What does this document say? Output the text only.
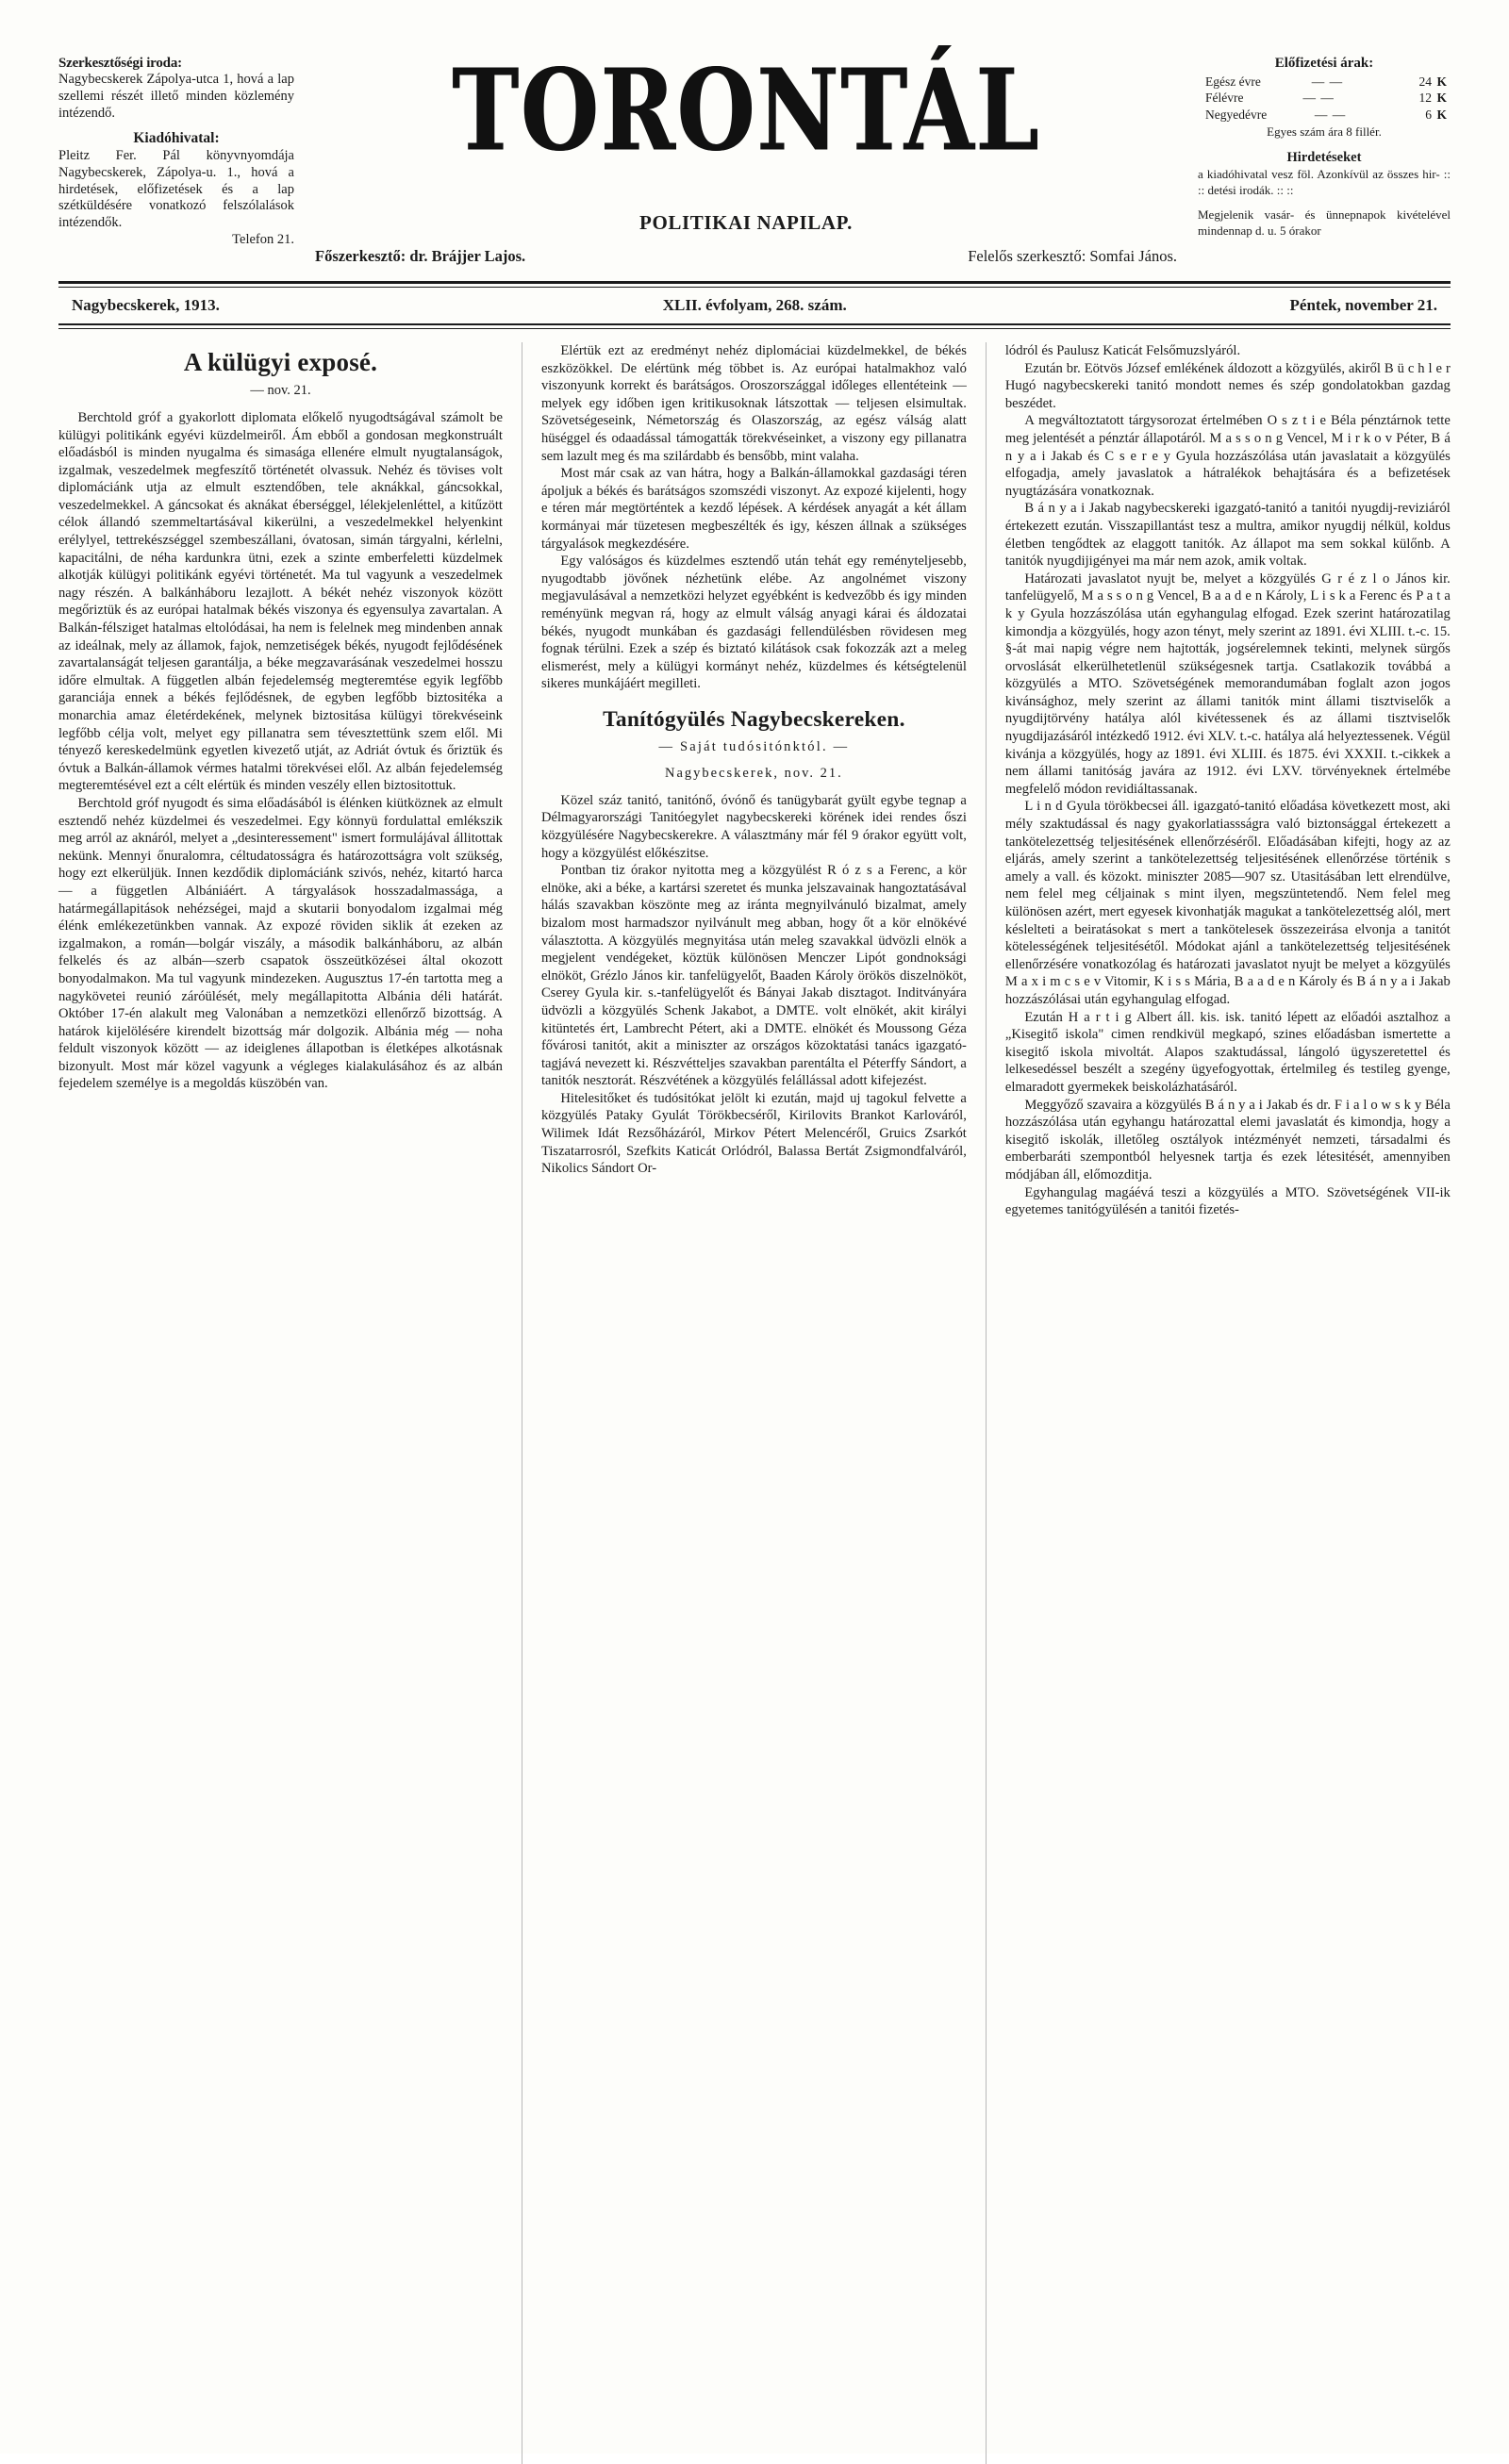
Szerkesztőségi iroda:

Nagybecskerek Zápolya-utca 1, hová a lap szellemi részét illető minden közlemény intézendő.

Kiadóhivatal:

Pleitz Fer. Pál könyvnyomdája Nagybecskerek, Zápolya-u. 1., hová a hirdetések, előfizetések és a lap szétküldésére vonatkozó felszólalások intézendők.

Telefon 21.
TORONTÁL
POLITIKAI NAPILAP.
Főszerkesztő: dr. Brájjer Lajos.	Felelős szerkesztő: Somfai János.
Előfizetési árak:
Egész évre	— —	24 K
Félévre	— —	12 K
Negyedévre	— —	6 K
Egyes szám ára 8 fillér.
Hirdetéseket
a kiadóhivatal vesz föl. Azonkívül az összes hir- :: :: detési irodák. :: ::
Megjelenik vasár- és ünnepnapok kivételével mindennap d. u. 5 órakor
Nagybecskerek, 1913.	XLII. évfolyam, 268. szám.	Péntek, november 21.
A külügyi exposé.
— nov. 21.

Berchtold gróf a gyakorlott diplomata előkelő nyugodtságával számolt be külügyi politikánk egyévi küzdelmeiről. Ám ebből a gondosan megkonstruált előadásból is minden nyugalma és simasága ellenére elmult nyugtalanságok, izgalmak, veszedelmek megfeszítő történetét olvassuk. Nehéz és tövises volt diplomáciánk utja az elmult esztendőben, tele aknákkal, gáncsokkal, veszedelmekkel. A gáncsokat és aknákat éberséggel, lélekjelenléttel, a kitűzött célok állandó szemmeltartásával kikerülni, a veszedelmekkel helyenkint erélylyel, tettrekészséggel szembeszállani, óvatosan, simán tárgyalni, kérlelni, kapacitálni, de néha kardunkra ütni, ezek a szinte emberfeletti küzdelmek alkotják külügyi politikánk egyévi történetét. Ma tul vagyunk a veszedelmek nagy részén. A balkánháboru lezajlott. A békét nehéz viszonyok között megőriztük és az európai hatalmak békés viszonya és egyensulya zavartalan. A Balkán-félsziget hatalmas eltolódásai, ha nem is felelnek meg mindenben annak az ideálnak, mely az államok, fajok, nemzetiségek békés, nyugodt fejlődésének zavartalanságát teljesen garantálja, a béke megzavarásának veszedelmei hosszu időre elmultak. A független albán fejedelemség megteremtése egyik legfőbb garanciája ennek a békés fejlődésnek, de egyben legfőbb biztositéka a monarchia amaz életérdekének, melynek biztositása külügyi törekvéseink legfőbb célja volt, melyet egy pillanatra sem tévesztettünk szem elől. Mi tényező kereskedelmünk egyetlen kivezető utját, az Adriát óvtuk és őriztük és óvtuk a Balkán-államok vérmes hatalmi törekvései elől. Az albán fejedelemség megteremtésével ezt a célt elértük és minden veszély ellen biztositottuk.

Berchtold gróf nyugodt és sima előadásából is élénken kiütköznek az elmult esztendő nehéz küzdelmei és veszedelmei. Egy könnyü fordulattal emlékszik meg arról az aknáról, melyet a „desinteressement" ismert formulájával állitottak nekünk. Mennyi őnuralomra, céltudatosságra és határozottságra volt szükség, hogy ezt elkerüljük. Innen kezdődik diplomáciánk szivós, nehéz, kitartó harca — a független Albániáért. A tárgyalások hosszadalmassága, a határmegállapitások nehézségei, majd a skutarii bonyodalom izgalmai még élénk emlékezetünkben vannak. Az expozé röviden siklik át ezeken az izgalmakon, a román—bolgár viszály, a második balkánháboru, az albán felkelés és az albán—szerb csapatok összeütközései által okozott bonyodalmakon. Ma tul vagyunk mindezeken. Augusztus 17-én tartotta meg a nagykövetei reunió záróülését, mely megállapitotta Albánia déli határát. Október 17-én alakult meg Valonában a nemzetközi ellenőrző bizottság. A határok kijelölésére kirendelt bizottság már dolgozik. Albánia még — noha feldult viszonyok között — az ideiglenes állapotban is életképes alkotásnak bizonyult. Most már közel vagyunk a végleges kialakulásához és az albán fejedelem személye is a megoldás küszöbén van.

Elértük ezt az eredményt nehéz diplomáciai küzdelmekkel, de békés eszközökkel. De elértünk még többet is. Az európai hatalmakhoz való viszonyunk korrekt és barátságos. Oroszországgal időleges ellentéteink — melyek egy időben igen kritikusoknak látszottak — teljesen elsimultak. Szövetségeseink, Németország és Olaszország, az egész válság alatt hüséggel és odaadással támogatták törekvéseinket, a viszony egy pillanatra sem lazult meg és ma szilárdabb és bensőbb, mint valaha.

Most már csak az van hátra, hogy a Balkán-államokkal gazdasági téren ápoljuk a békés és barátságos szomszédi viszonyt. Az expozé kijelenti, hogy e téren már megtörténtek a kezdő lépések. A kérdések anyagát a két állam kormányai már tüzetesen megbeszélték és igy, készen állnak a szükséges tárgyalások megkezdésére.

Egy valóságos és küzdelmes esztendő után tehát egy reményteljesebb, nyugodtabb jövőnek nézhetünk elébe. Az angolnémet viszony megjavulásával a nemzetközi helyzet egyébként is kedvezőbb és igy minden reményünk megvan rá, hogy az elmult válság anyagi kárai és áldozatai békés, nyugodt munkában és gazdasági fellendülésben rövidesen meg fognak térülni. Ezek a szép és biztató kilátások csak fokozzák azt a meleg elismerést, mely a külügyi kormányt nehéz, küzdelmes és kétségtelenül sikeres munkájáért megilleti.

Tanítógyülés Nagybecskereken.
— Saját tudósitónktól. —
Nagybecskerek, nov. 21.

Közel száz tanitó, tanitónő, óvónő és tanügybarát gyült egybe tegnap a Délmagyarországi Tanitóegylet nagybecskereki körének idei rendes őszi közgyülésére Nagybecskerekre. A választmány már fél 9 órakor együtt volt, hogy a közgyülést előkészitse.

Pontban tiz órakor nyitotta meg a közgyülést R ó z s a Ferenc, a kör elnöke, aki a béke, a kartársi szeretet és munka jelszavainak hangoztatásával hálás szavakban köszönte meg az iránta megnyilvánuló bizalmat, amely bizalom most harmadszor nyilvánult meg abban, hogy őt a kör elnökévé választotta. A közgyülés megnyitása után meleg szavakkal üdvözli elnök a megjelent vendégeket, köztük különösen Menczer Lipót gondnoksági elnököt, Grézlo János kir. tanfelügyelőt, Baaden Károly örökös diszelnököt, Cserey Gyula kir. s.-tanfelügyelőt és Bányai Jakab disztagot. Inditványára üdvözli a közgyülés Schenk Jakabot, a DMTE. volt elnökét, akit királyi kitüntetés ért, Lambrecht Pétert, aki a DMTE. elnökét és Moussong Géza fővárosi tanitót, akit a miniszter az országos közoktatási tanács igazgató-tagjává nevezett ki. Részvétteljes szavakban parentálta el Péterffy Sándort, a tanitók nesztorát. Részvétének a közgyülés felállással adott kifejezést.

Hitelesitőket és tudósitókat jelölt ki ezután, majd uj tagokul felvette a közgyülés Pataky Gyulát Törökbecséről, Kirilovits Brankot Karlováról, Wilimek Idát Rezsőházáról, Mirkov Pétert Melencéről, Gruics Zsarkót Tiszatarrosról, Szefkits Katicát Orlódról, Balassa Bertát Zsigmondfalváról, Nikolics Sándort Or-

lódról és Paulusz Katicát Felsőmuzslyáról.

Ezután br. Eötvös József emlékének áldozott a közgyülés, akiről B ü c h l e r Hugó nagybecskereki tanitó mondott nemes és szép gondolatokban gazdag beszédet.

A megváltoztatott tárgysorozat értelmében O s z t i e Béla pénztárnok tette meg jelentését a pénztár állapotáról. M a s s o n g Vencel, M i r k o v Péter, B á n y a i Jakab és C s e r e y Gyula hozzászólása után javaslatait a közgyülés elfogadja, amely javaslatok a hátralékok behajtására és a befizetések nyugtázására vonatkoznak.

B á n y a i Jakab nagybecskereki igazgató-tanitó a tanitói nyugdij-reviziáról értekezett ezután. Visszapillantást tesz a multra, amikor nyugdij nélkül, koldus életben tengődtek az elaggott tanitók. Az állapot ma sem sokkal külőnb. A tanitók nyugdijigényei ma már nem azok, amik voltak.

Határozati javaslatot nyujt be, melyet a közgyülés G r é z l o János kir. tanfelügyelő, M a s s o n g Vencel, B a a d e n Károly, L i s k a Ferenc és P a t a k y Gyula hozzászólása után egyhangulag elfogad. Ezek szerint határozatilag kimondja a közgyülés, hogy azon tényt, mely szerint az 1891. évi XLIII. t.-c. 15. §-át mai napig végre nem hajtották, jogsérelemnek tekinti, melynek sürgős orvoslását elkerülhetetlenül szükségesnek tartja. Csatlakozik továbbá a közgyülés a MTO. Szövetségének memorandumában foglalt azon jogos kivánsághoz, mely szerint az állami tanitók mint állami tisztviselők a nyugdijtörvény hatálya alól kivétessenek és az állami tisztviselők nyugdijazásáról intézkedő 1912. évi XLV. t.-c. hatálya alá helyeztessenek. Végül kivánja a közgyülés, hogy az 1891. évi XLIII. és 1875. évi XXXII. t.-cikkek a nem állami tanitóság javára az 1912. évi LXV. törvényeknek értelmébe megfelelő módon revidiáltassanak.

L i n d Gyula törökbecsei áll. igazgató-tanitó előadása következett most, aki mély szaktudással és nagy gyakorlatiassságra való biztonsággal értekezett a tankötelezettség teljesitésének ellenőrzéséről. Előadásában kifejti, hogy az az eljárás, amely szerint a tankötelezettség teljesitésének ellenőrzése történik s amely a vall. és közokt. miniszter 2085—907 sz. Utasitásában lett elrendülve, nem felel meg céljainak s mint ilyen, megszüntetendő. Nem felel meg különösen azért, mert egyesek kivonhatják magukat a tankötelezettség alól, mert késlelteti a beiratásokat s mert a tankötelesek összezeirása elvonja a tanitót kötelességének teljesitésétől. Módokat ajánl a tankötelezettség teljesitésének ellenőrzésére vonatkozólag és határozati javaslatot nyujt be melyet a közgyülés M a x i m c s e v Vitomir, K i s s Mária, B a a d e n Károly és B á n y a i Jakab hozzászólásai után egyhangulag elfogad.

Ezután H a r t i g Albert áll. kis. isk. tanitó lépett az előadói asztalhoz a „Kisegitő iskola" cimen rendkivül megkapó, szines előadásban ismertette a kisegitő iskola mivoltát. Alapos szaktudással, lángoló ügyszeretettel és lelkesedéssel beszélt a szegény ügyefogyottak, értelmileg és testileg gyenge, elmaradott gyermekek beiskolázhatásáról.

Meggyőző szavaira a közgyülés B á n y a i Jakab és dr. F i a l o w s k y Béla hozzászólása után egyhangu határozattal elemi javaslatát és kimondja, hogy a kisegitő iskolák, illetőleg osztályok intézményét nemzeti, társadalmi és emberbaráti szempontból helyesnek tartja és ezek létesitését, amennyiben módjában áll, előmozditja.

Egyhangulag magáévá teszi a közgyülés a MTO. Szövetségének VII-ik egyetemes tanitógyülésén a tanitói fizetés-
